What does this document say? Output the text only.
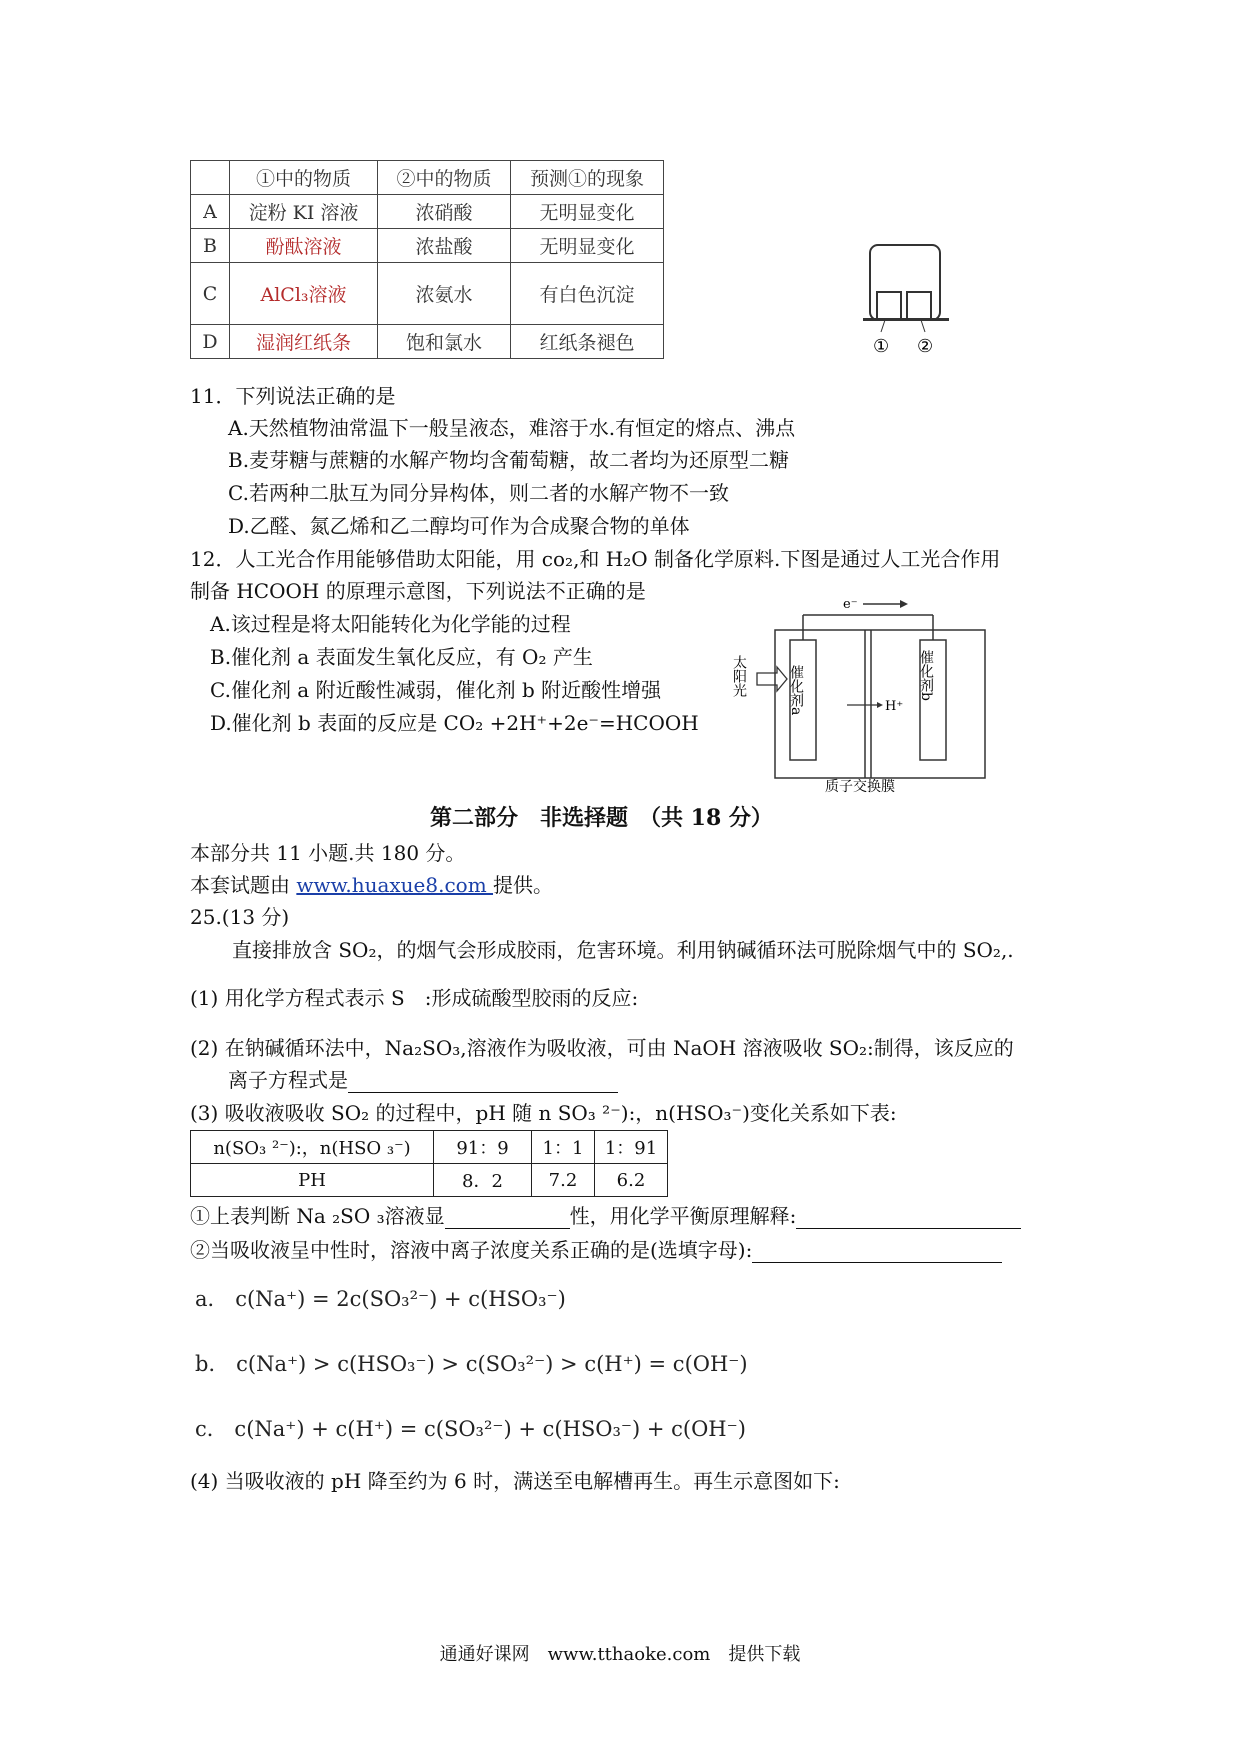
	①中的物质	②中的物质	预测①的现象
A	淀粉 KI 溶液	浓硝酸	无明显变化
B	酚酞溶液	浓盐酸	无明显变化
C	AlCl₃溶液	浓氨水	有白色沉淀
D	湿润红纸条	饱和氯水	红纸条褪色	① ②
11．下列说法正确的是
A.天然植物油常温下一般呈液态，难溶于水.有恒定的熔点、沸点
B.麦芽糖与蔗糖的水解产物均含葡萄糖，故二者均为还原型二糖
C.若两种二肽互为同分异构体，则二者的水解产物不一致
D.乙醛、氮乙烯和乙二醇均可作为合成聚合物的单体
12．人工光合作用能够借助太阳能，用 co₂,和 H₂O 制备化学原料.下图是通过人工光合作用
制备 HCOOH 的原理示意图，下列说法不正确的是
A.该过程是将太阳能转化为化学能的过程
B.催化剂 a 表面发生氧化反应，有 O₂ 产生
C.催化剂 a 附近酸性减弱，催化剂 b 附近酸性增强
D.催化剂 b 表面的反应是 CO₂ +2H⁺+2e⁻=HCOOH
e⁻
催化剂a	催化剂b
H⁺
太阳光
质子交换膜
第二部分　非选择题　（共 18 分）
本部分共 11 小题.共 180 分。
本套试题由 www.huaxue8.com 提供。
25.(13 分)
直接排放含 SO₂，的烟气会形成胶雨，危害环境。利用钠碱循环法可脱除烟气中的 SO₂,.
(1) 用化学方程式表示 S　:形成硫酸型胶雨的反应:
(2) 在钠碱循环法中，Na₂SO₃,溶液作为吸收液，可由 NaOH 溶液吸收 SO₂:制得，该反应的
离子方程式是
(3) 吸收液吸收 SO₂ 的过程中，pH 随 n SO₃ ²⁻):，n(HSO₃⁻)变化关系如下表:
n(SO₃ ²⁻):，n(HSO ₃⁻)	91：9	1：1	1：91
PH	8．2	7.2	6.2
①上表判断 Na ₂SO ₃溶液显	性，用化学平衡原理解释:
②当吸收液呈中性时，溶液中离子浓度关系正确的是(选填字母):
a． c(Na⁺) = 2c(SO₃²⁻) + c(HSO₃⁻)
b． c(Na⁺) > c(HSO₃⁻) > c(SO₃²⁻) > c(H⁺) = c(OH⁻)
c． c(Na⁺) + c(H⁺) = c(SO₃²⁻) + c(HSO₃⁻) + c(OH⁻)
(4) 当吸收液的 pH 降至约为 6 时，满送至电解槽再生。再生示意图如下:
通通好课网　www.tthaoke.com　提供下载
